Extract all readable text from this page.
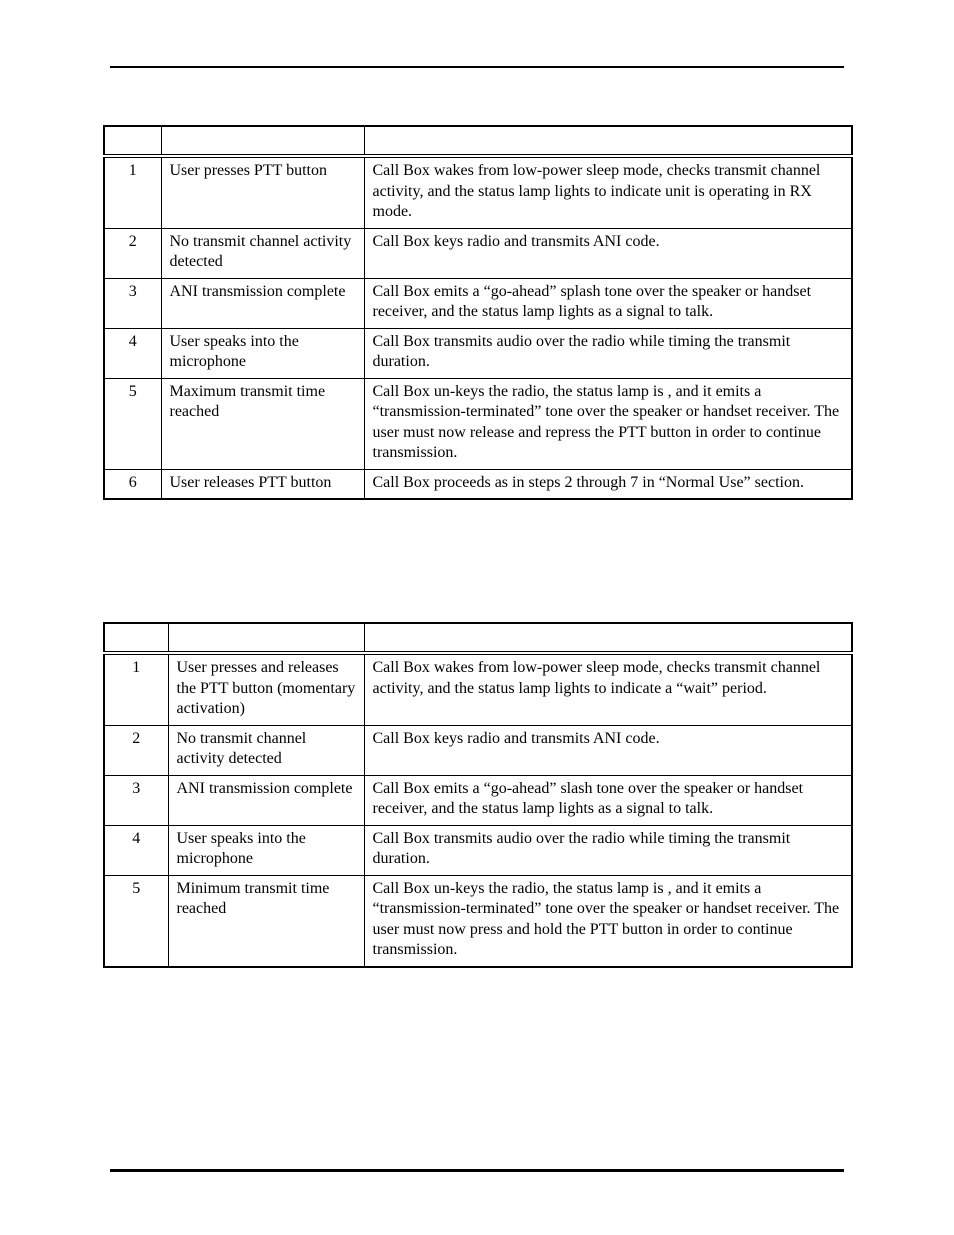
1	User presses PTT button	Call Box wakes from low-power sleep mode, checks transmit channel activity, and the status lamp lights to indicate unit is operating in RX mode.
2	No transmit channel activity detected	Call Box keys radio and transmits ANI code.
3	ANI transmission complete	Call Box emits a “go-ahead” splash tone over the speaker or handset receiver, and the status lamp lights as a signal to talk.
4	User speaks into the microphone	Call Box transmits audio over the radio while timing the transmit duration.
5	Maximum transmit time reached	Call Box un-keys the radio, the status lamp is , and it emits a “transmission-terminated” tone over the speaker or handset receiver. The user must now release and repress the PTT button in order to continue transmission.
6	User releases PTT button	Call Box proceeds as in steps 2 through 7 in “Normal Use” section.

1	User presses and releases the PTT button (momentary activation)	Call Box wakes from low-power sleep mode, checks transmit channel activity, and the status lamp lights to indicate a “wait” period.
2	No transmit channel activity detected	Call Box keys radio and transmits ANI code.
3	ANI transmission complete	Call Box emits a “go-ahead” slash tone over the speaker or handset receiver, and the status lamp lights as a signal to talk.
4	User speaks into the microphone	Call Box transmits audio over the radio while timing the transmit duration.
5	Minimum transmit time reached	Call Box un-keys the radio, the status lamp is , and it emits a “transmission-terminated” tone over the speaker or handset receiver. The user must now press and hold the PTT button in order to continue transmission.
